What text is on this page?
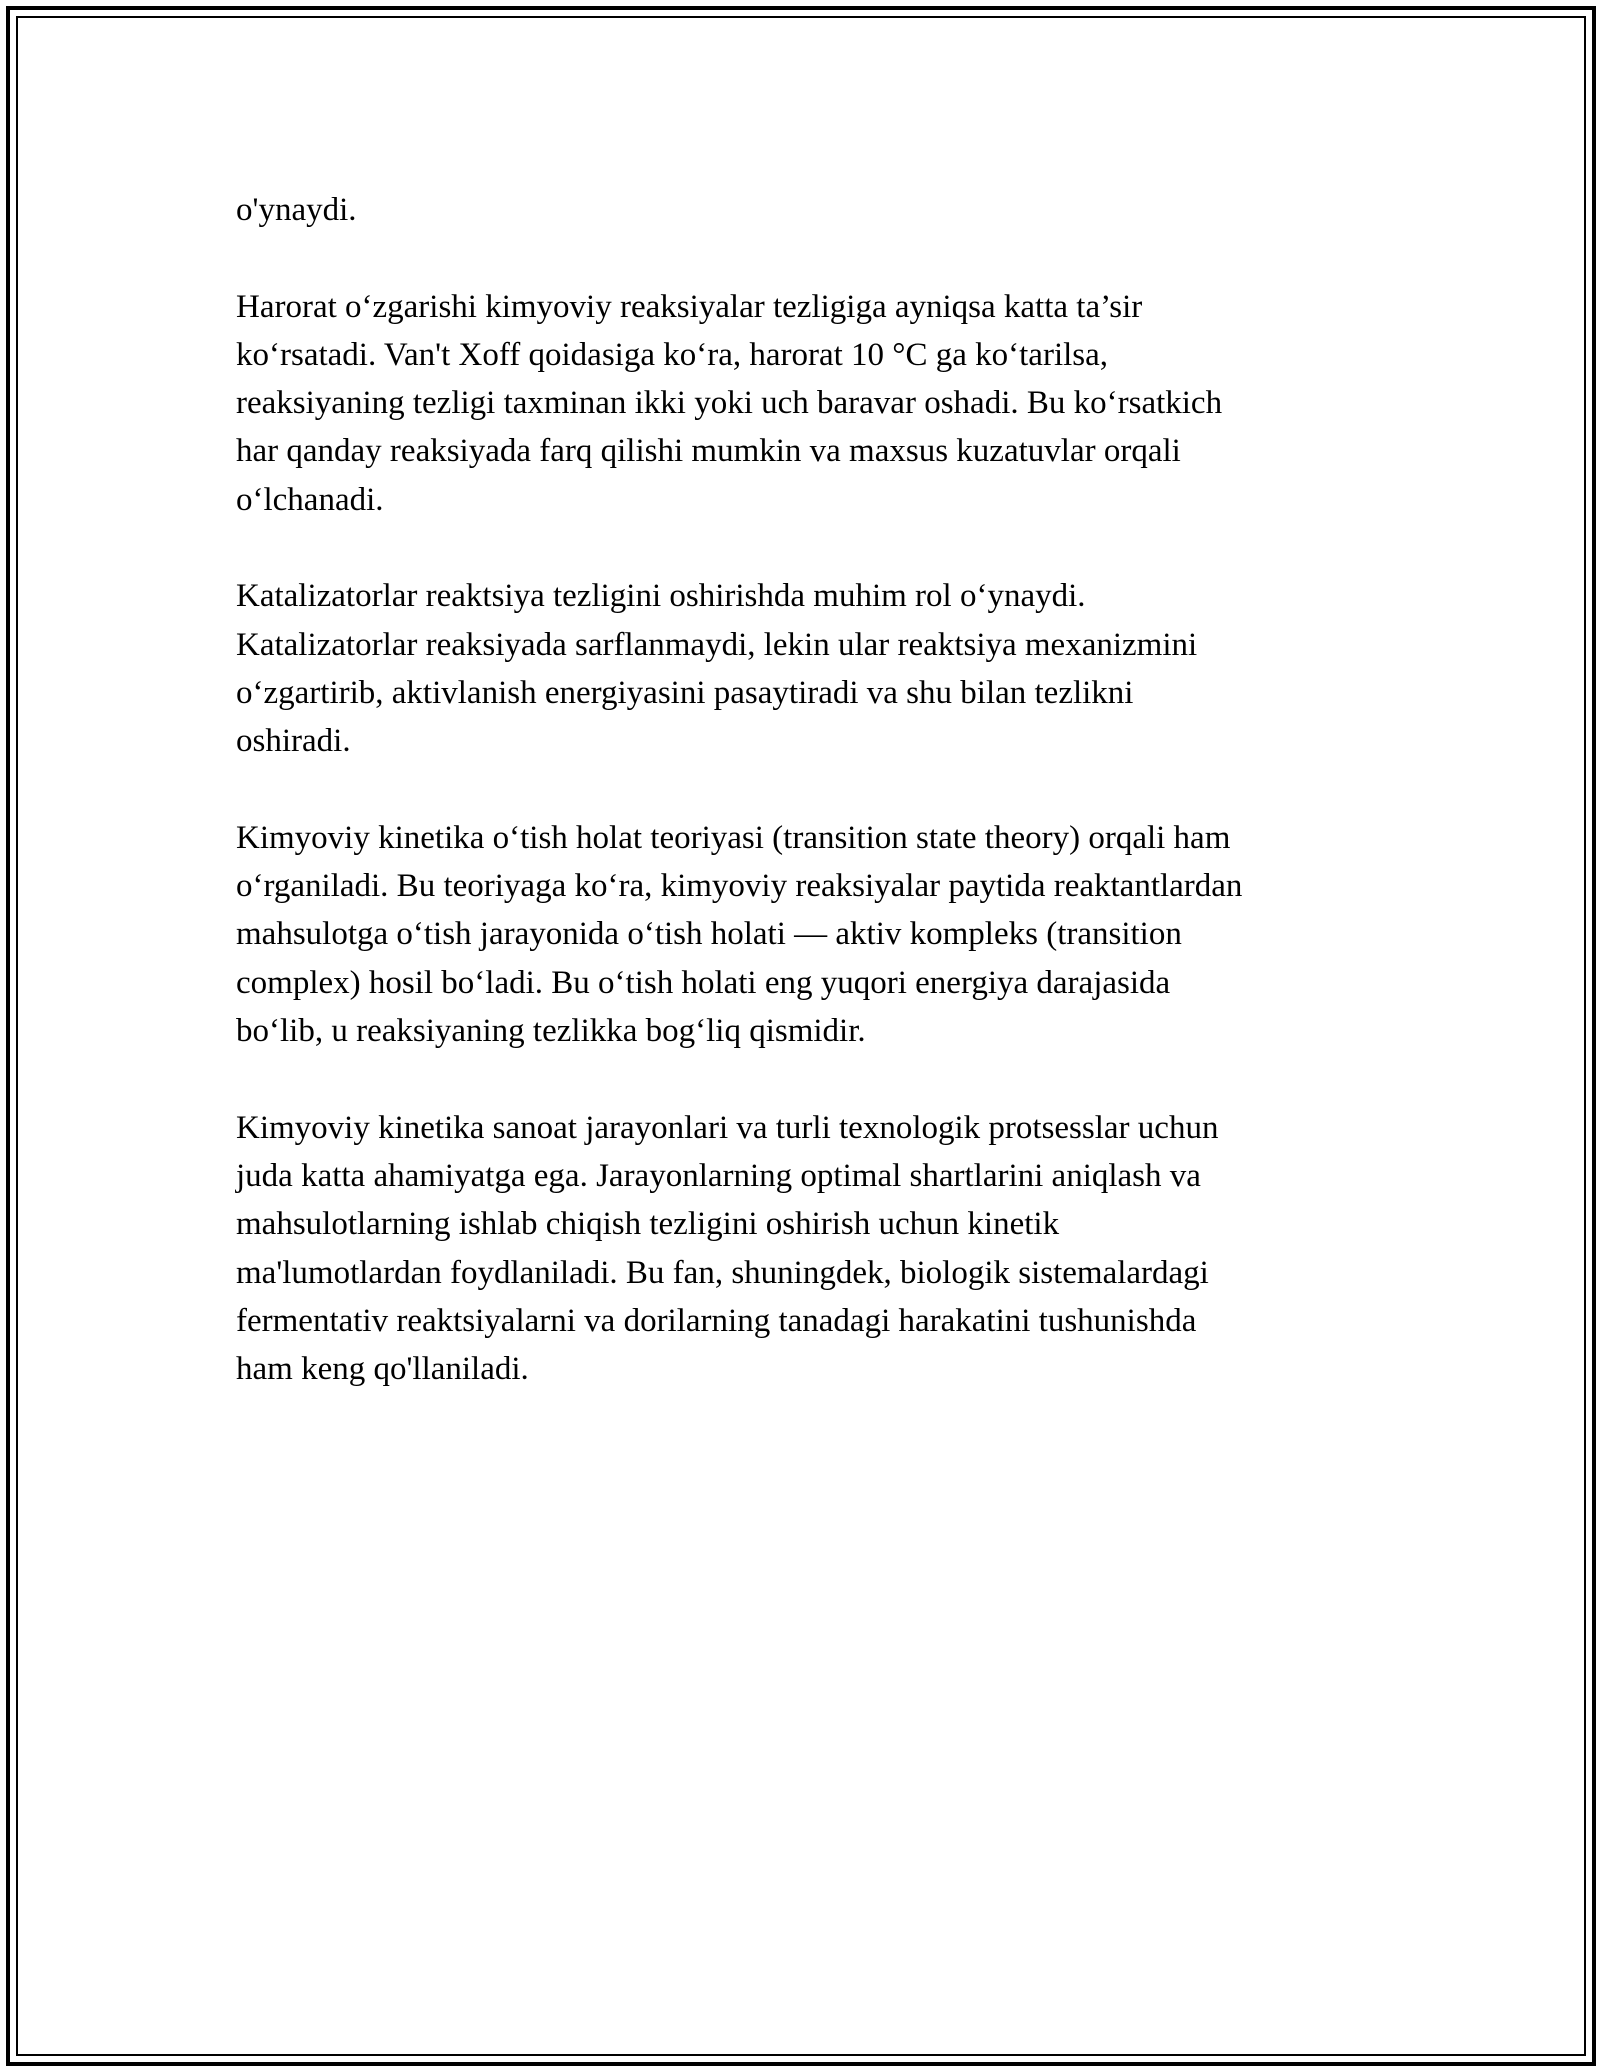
o'ynaydi.

Harorat o‘zgarishi kimyoviy reaksiyalar tezligiga ayniqsa katta ta’sir
ko‘rsatadi. Van't Xoff qoidasiga ko‘ra, harorat 10 °C ga ko‘tarilsa,
reaksiyaning tezligi taxminan ikki yoki uch baravar oshadi. Bu ko‘rsatkich
har qanday reaksiyada farq qilishi mumkin va maxsus kuzatuvlar orqali
o‘lchanadi.

Katalizatorlar reaktsiya tezligini oshirishda muhim rol o‘ynaydi.
Katalizatorlar reaksiyada sarflanmaydi, lekin ular reaktsiya mexanizmini
o‘zgartirib, aktivlanish energiyasini pasaytiradi va shu bilan tezlikni
oshiradi.

Kimyoviy kinetika o‘tish holat teoriyasi (transition state theory) orqali ham
o‘rganiladi. Bu teoriyaga ko‘ra, kimyoviy reaksiyalar paytida reaktantlardan
mahsulotga o‘tish jarayonida o‘tish holati — aktiv kompleks (transition
complex) hosil bo‘ladi. Bu o‘tish holati eng yuqori energiya darajasida
bo‘lib, u reaksiyaning tezlikka bog‘liq qismidir.

Kimyoviy kinetika sanoat jarayonlari va turli texnologik protsesslar uchun
juda katta ahamiyatga ega. Jarayonlarning optimal shartlarini aniqlash va
mahsulotlarning ishlab chiqish tezligini oshirish uchun kinetik
ma'lumotlardan foydlaniladi. Bu fan, shuningdek, biologik sistemalardagi
fermentativ reaktsiyalarni va dorilarning tanadagi harakatini tushunishda
ham keng qo'llaniladi.
